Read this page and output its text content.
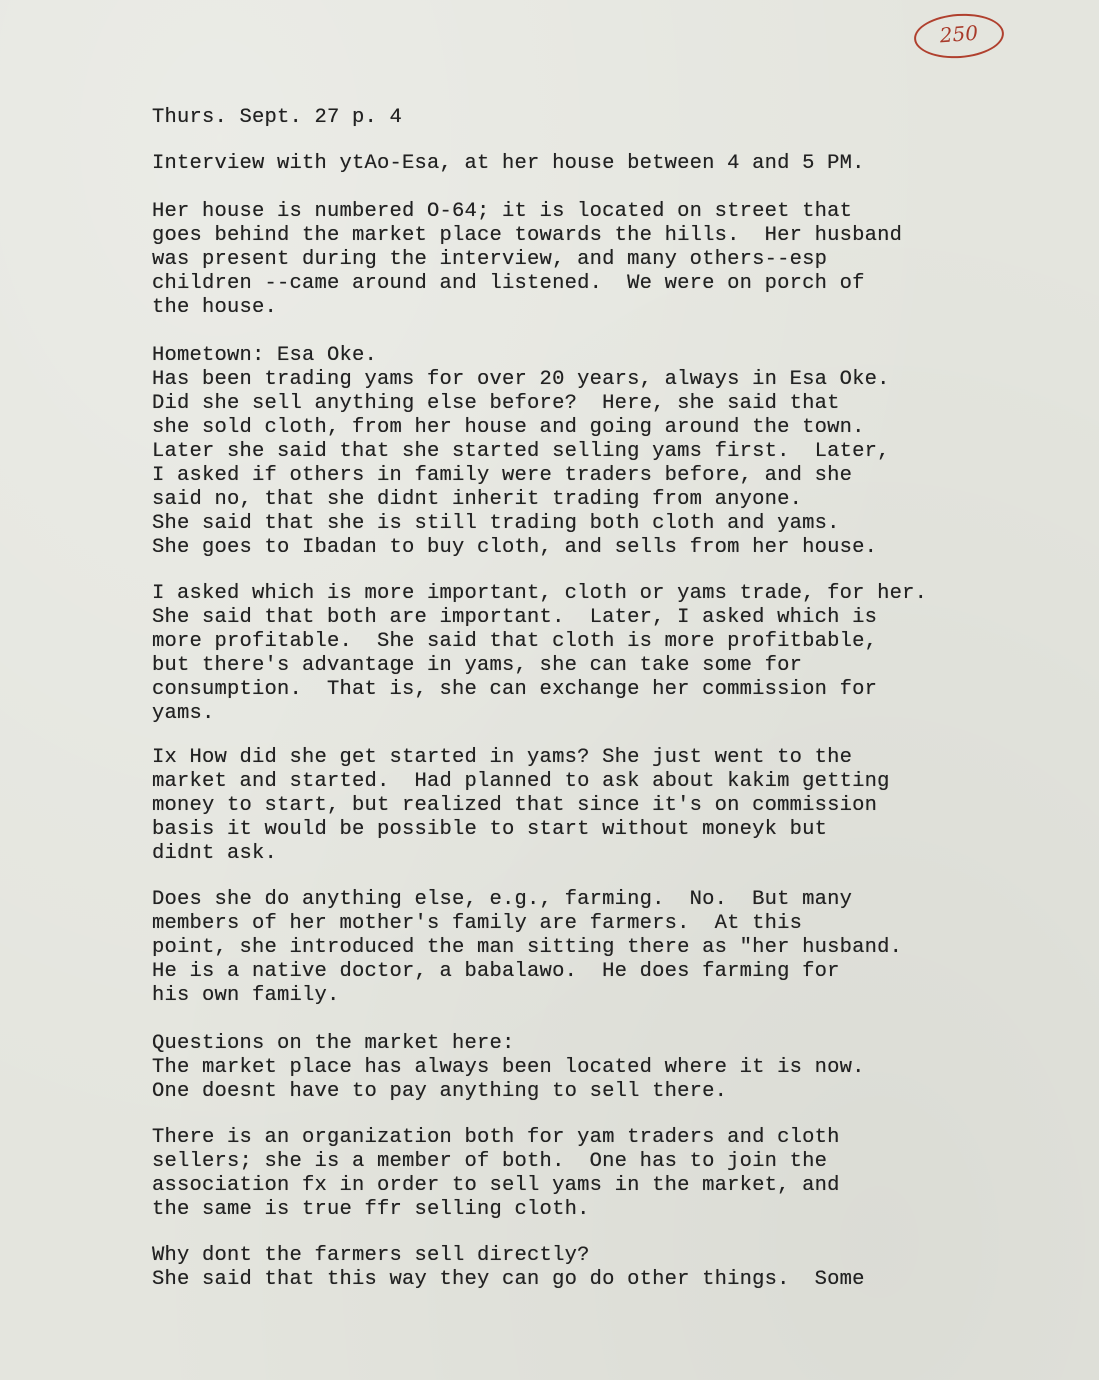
250

Thurs. Sept. 27 p. 4

Interview with ytAo-Esa, at her house between 4 and 5 PM.

Her house is numbered O-64; it is located on street that

goes behind the market place towards the hills.  Her husband

was present during the interview, and many others--esp

children --came around and listened.  We were on porch of

the house.

Hometown: Esa Oke.

Has been trading yams for over 20 years, always in Esa Oke.

Did she sell anything else before?  Here, she said that

she sold cloth, from her house and going around the town.

Later she said that she started selling yams first.  Later,

I asked if others in family were traders before, and she

said no, that she didnt inherit trading from anyone.

She said that she is still trading both cloth and yams.

She goes to Ibadan to buy cloth, and sells from her house.

I asked which is more important, cloth or yams trade, for her.

She said that both are important.  Later, I asked which is

more profitable.  She said that cloth is more profitbable,

but there's advantage in yams, she can take some for

consumption.  That is, she can exchange her commission for

yams.

Ix How did she get started in yams? She just went to the

market and started.  Had planned to ask about kakim getting

money to start, but realized that since it's on commission

basis it would be possible to start without moneyk but

didnt ask.

Does she do anything else, e.g., farming.  No.  But many

members of her mother's family are farmers.  At this

point, she introduced the man sitting there as "her husband.

He is a native doctor, a babalawo.  He does farming for

his own family.

Questions on the market here:

The market place has always been located where it is now.

One doesnt have to pay anything to sell there.

There is an organization both for yam traders and cloth

sellers; she is a member of both.  One has to join the

association fx in order to sell yams in the market, and

the same is true ffr selling cloth.

Why dont the farmers sell directly?

She said that this way they can go do other things.  Some
